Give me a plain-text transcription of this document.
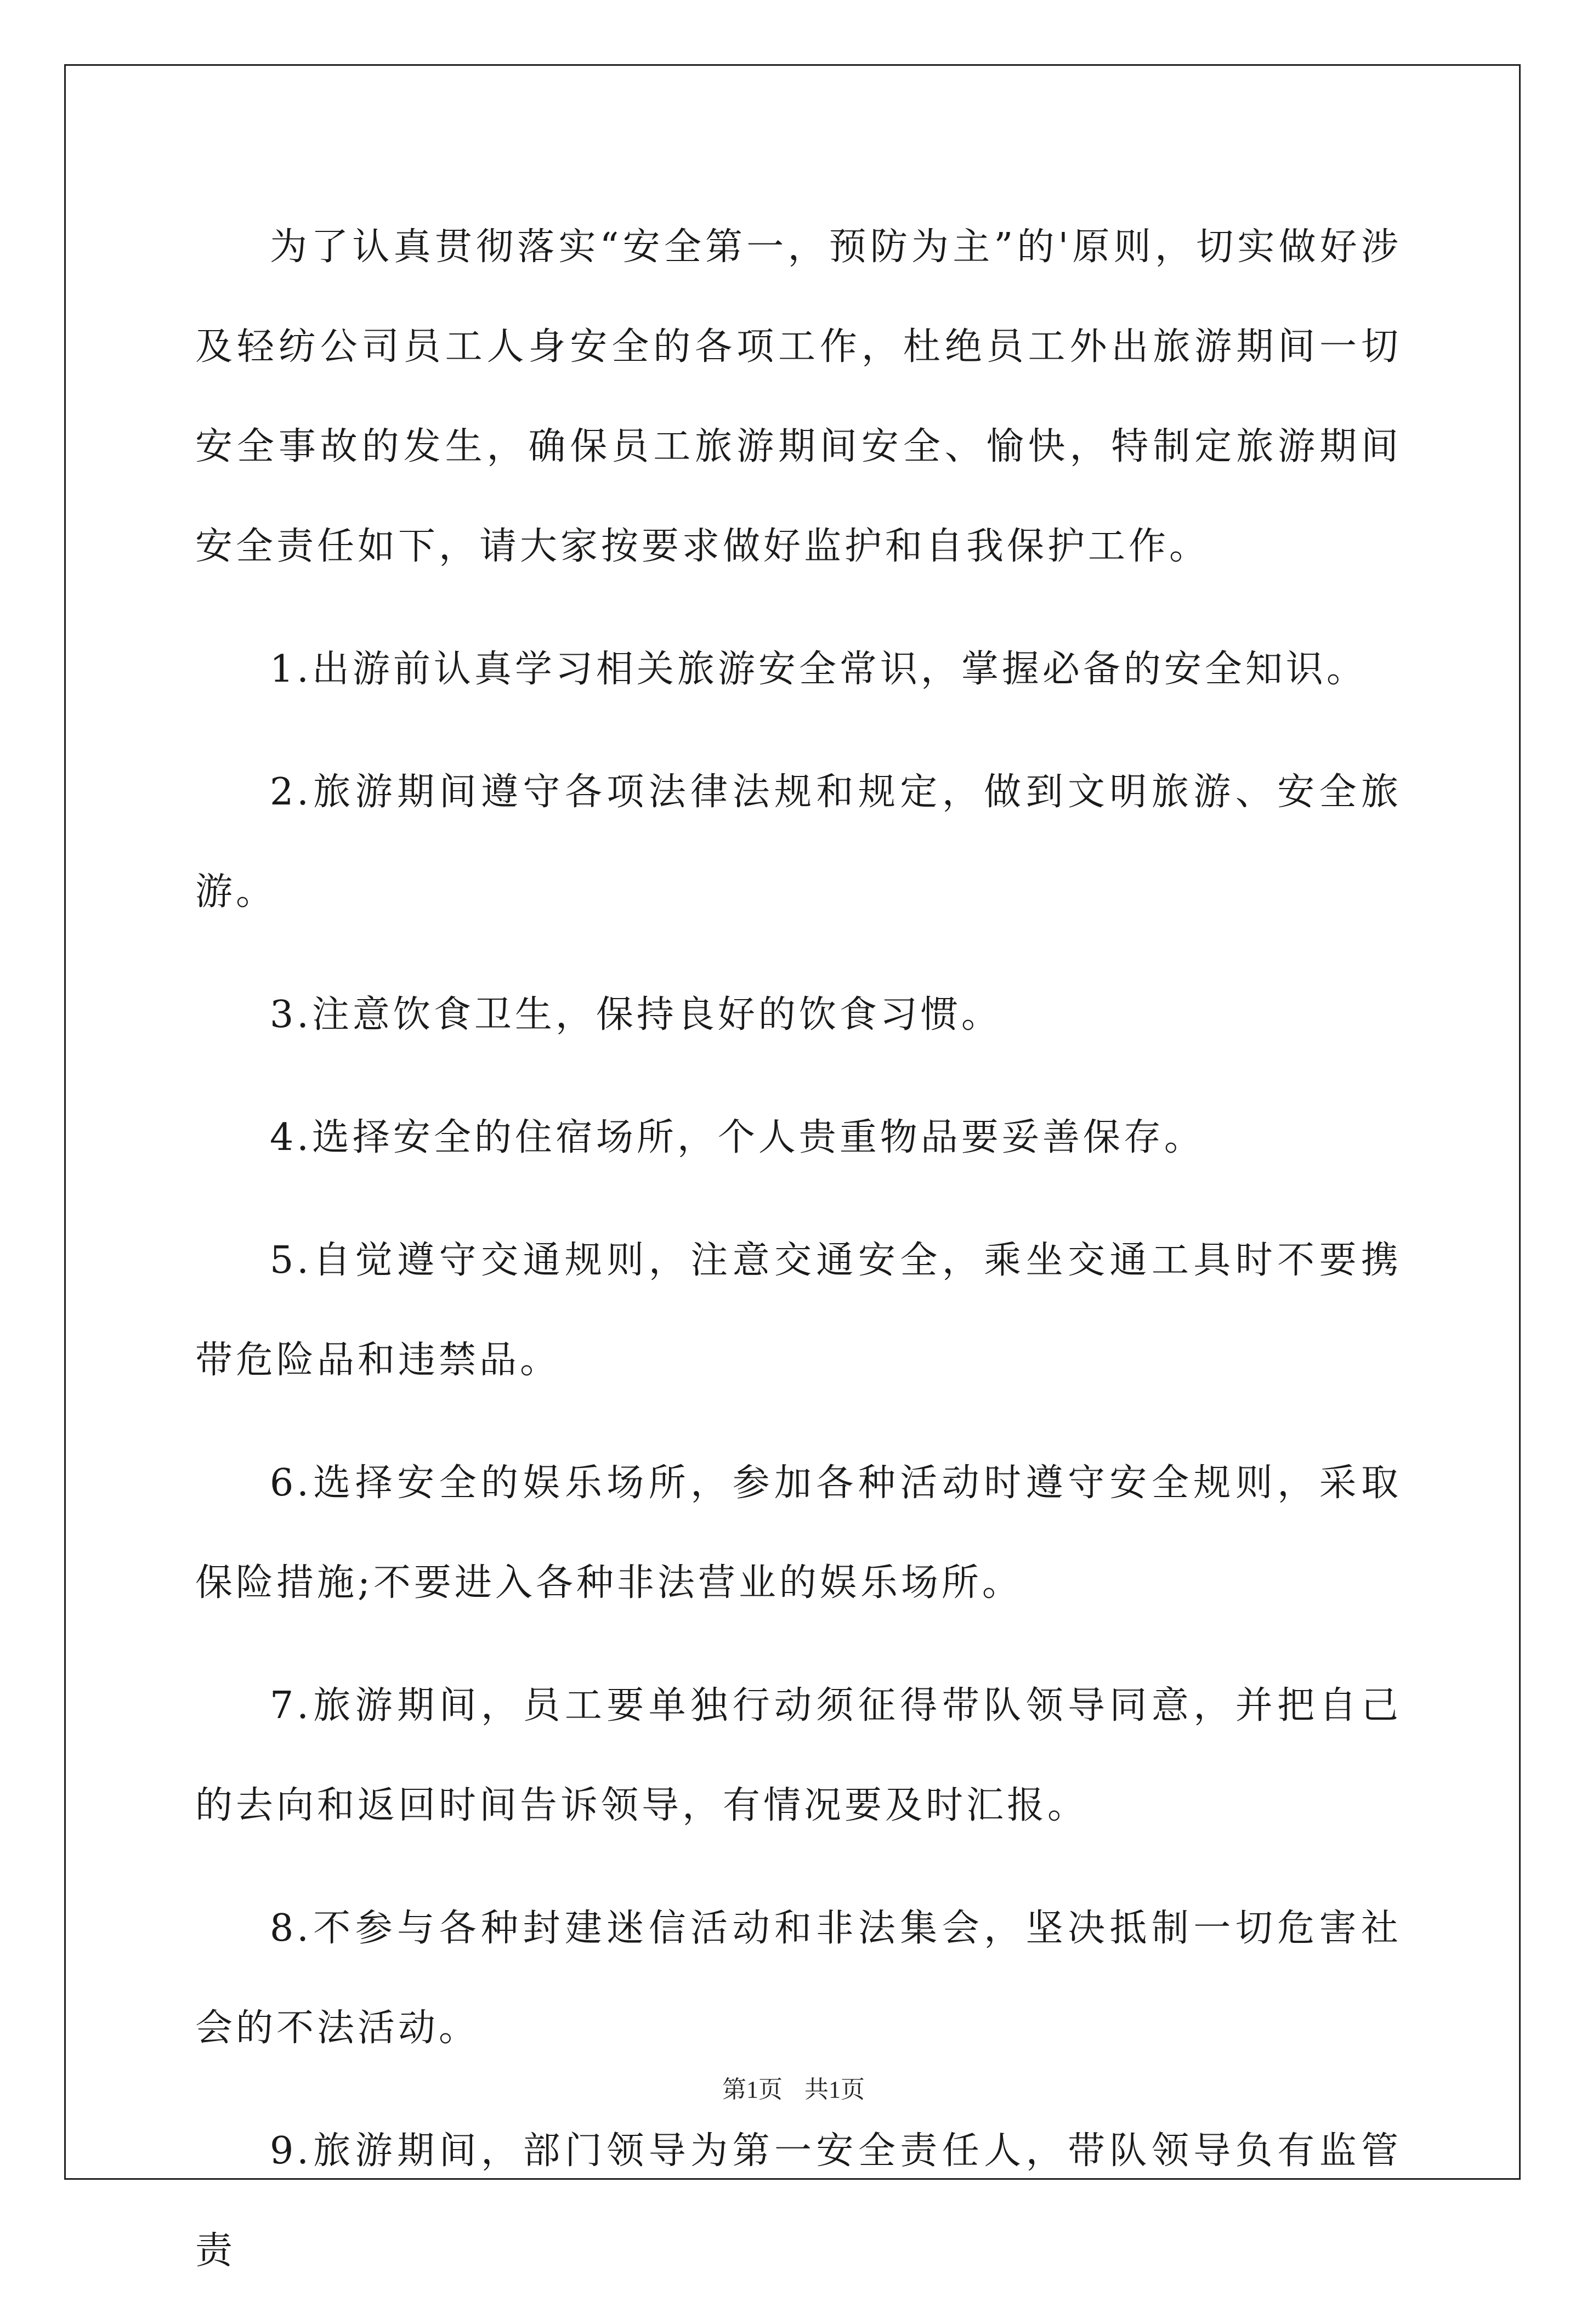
为了认真贯彻落实“安全第一，预防为主”的'原则，切实做好涉及轻纺公司员工人身安全的各项工作，杜绝员工外出旅游期间一切安全事故的发生，确保员工旅游期间安全、愉快，特制定旅游期间安全责任如下，请大家按要求做好监护和自我保护工作。

1.出游前认真学习相关旅游安全常识，掌握必备的安全知识。

2.旅游期间遵守各项法律法规和规定，做到文明旅游、安全旅游。

3.注意饮食卫生，保持良好的饮食习惯。

4.选择安全的住宿场所，个人贵重物品要妥善保存。

5.自觉遵守交通规则，注意交通安全，乘坐交通工具时不要携带危险品和违禁品。

6.选择安全的娱乐场所，参加各种活动时遵守安全规则，采取保险措施;不要进入各种非法营业的娱乐场所。

7.旅游期间，员工要单独行动须征得带队领导同意，并把自己的去向和返回时间告诉领导，有情况要及时汇报。

8.不参与各种封建迷信活动和非法集会，坚决抵制一切危害社会的不法活动。

9.旅游期间，部门领导为第一安全责任人，带队领导负有监管责

第1页 共1页
